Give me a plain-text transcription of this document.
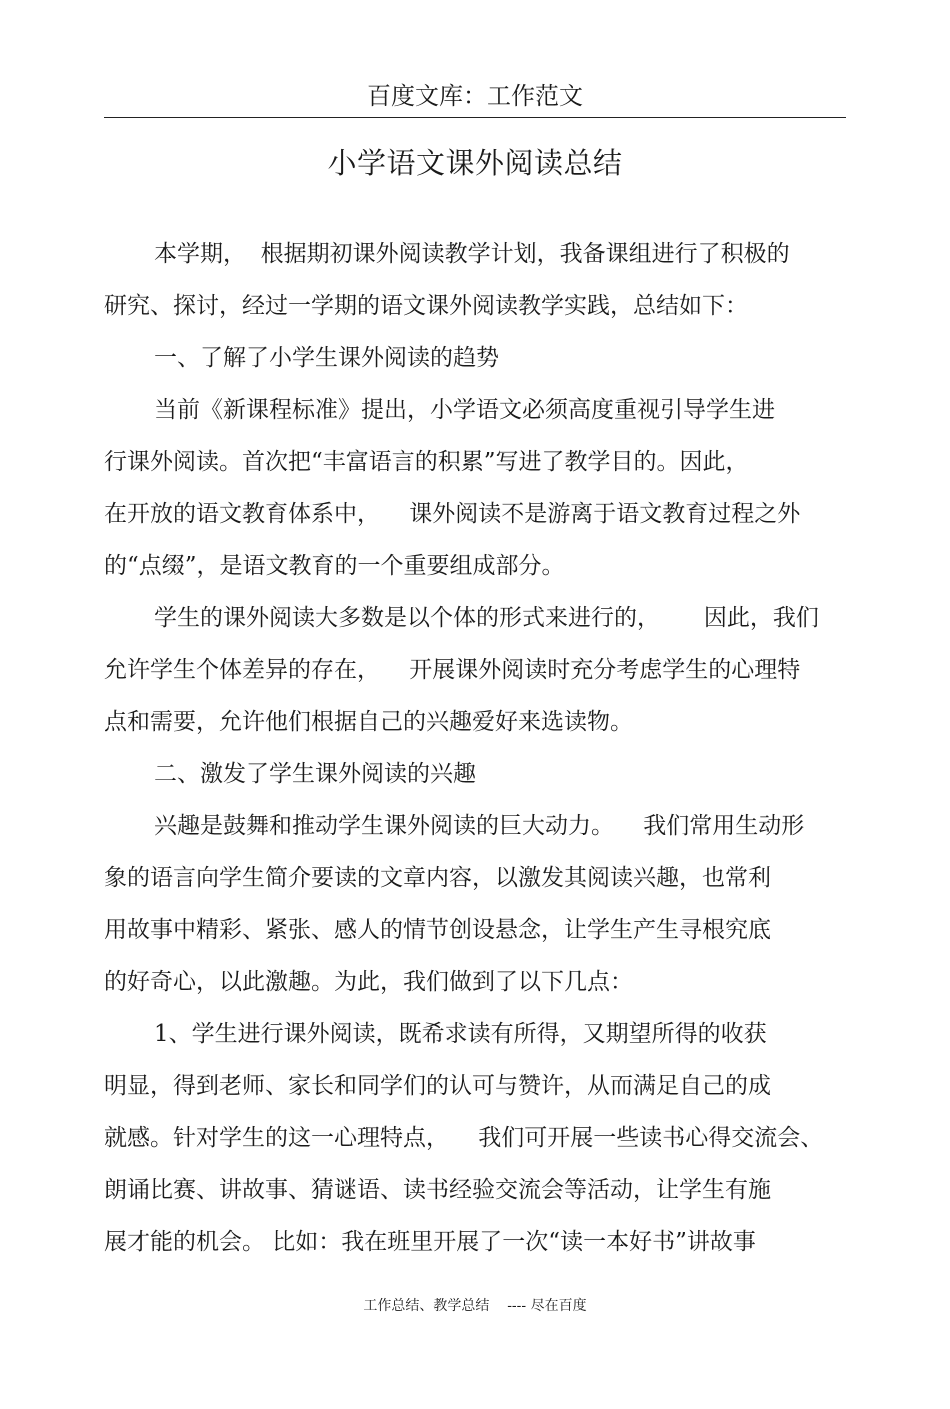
百度文库：工作范文
小学语文课外阅读总结
本学期，  根据期初课外阅读教学计划，我备课组进行了积极的
研究、探讨，经过一学期的语文课外阅读教学实践，总结如下：
一、了解了小学生课外阅读的趋势
当前《新课程标准》提出，小学语文必须高度重视引导学生进
行课外阅读。首次把“丰富语言的积累”写进了教学目的。因此，
在开放的语文教育体系中，    课外阅读不是游离于语文教育过程之外
的“点缀”，是语文教育的一个重要组成部分。
学生的课外阅读大多数是以个体的形式来进行的，      因此，我们
允许学生个体差异的存在，    开展课外阅读时充分考虑学生的心理特
点和需要，允许他们根据自己的兴趣爱好来选读物。
二、激发了学生课外阅读的兴趣
兴趣是鼓舞和推动学生课外阅读的巨大动力。    我们常用生动形
象的语言向学生简介要读的文章内容，以激发其阅读兴趣，也常利
用故事中精彩、紧张、感人的情节创设悬念，让学生产生寻根究底
的好奇心，以此激趣。为此，我们做到了以下几点：
1、学生进行课外阅读，既希求读有所得，又期望所得的收获
明显，得到老师、家长和同学们的认可与赞许，从而满足自己的成
就感。针对学生的这一心理特点，    我们可开展一些读书心得交流会、
朗诵比赛、讲故事、猜谜语、读书经验交流会等活动，让学生有施
展才能的机会。 比如：我在班里开展了一次“读一本好书”讲故事
工作总结、教学总结    ---- 尽在百度
